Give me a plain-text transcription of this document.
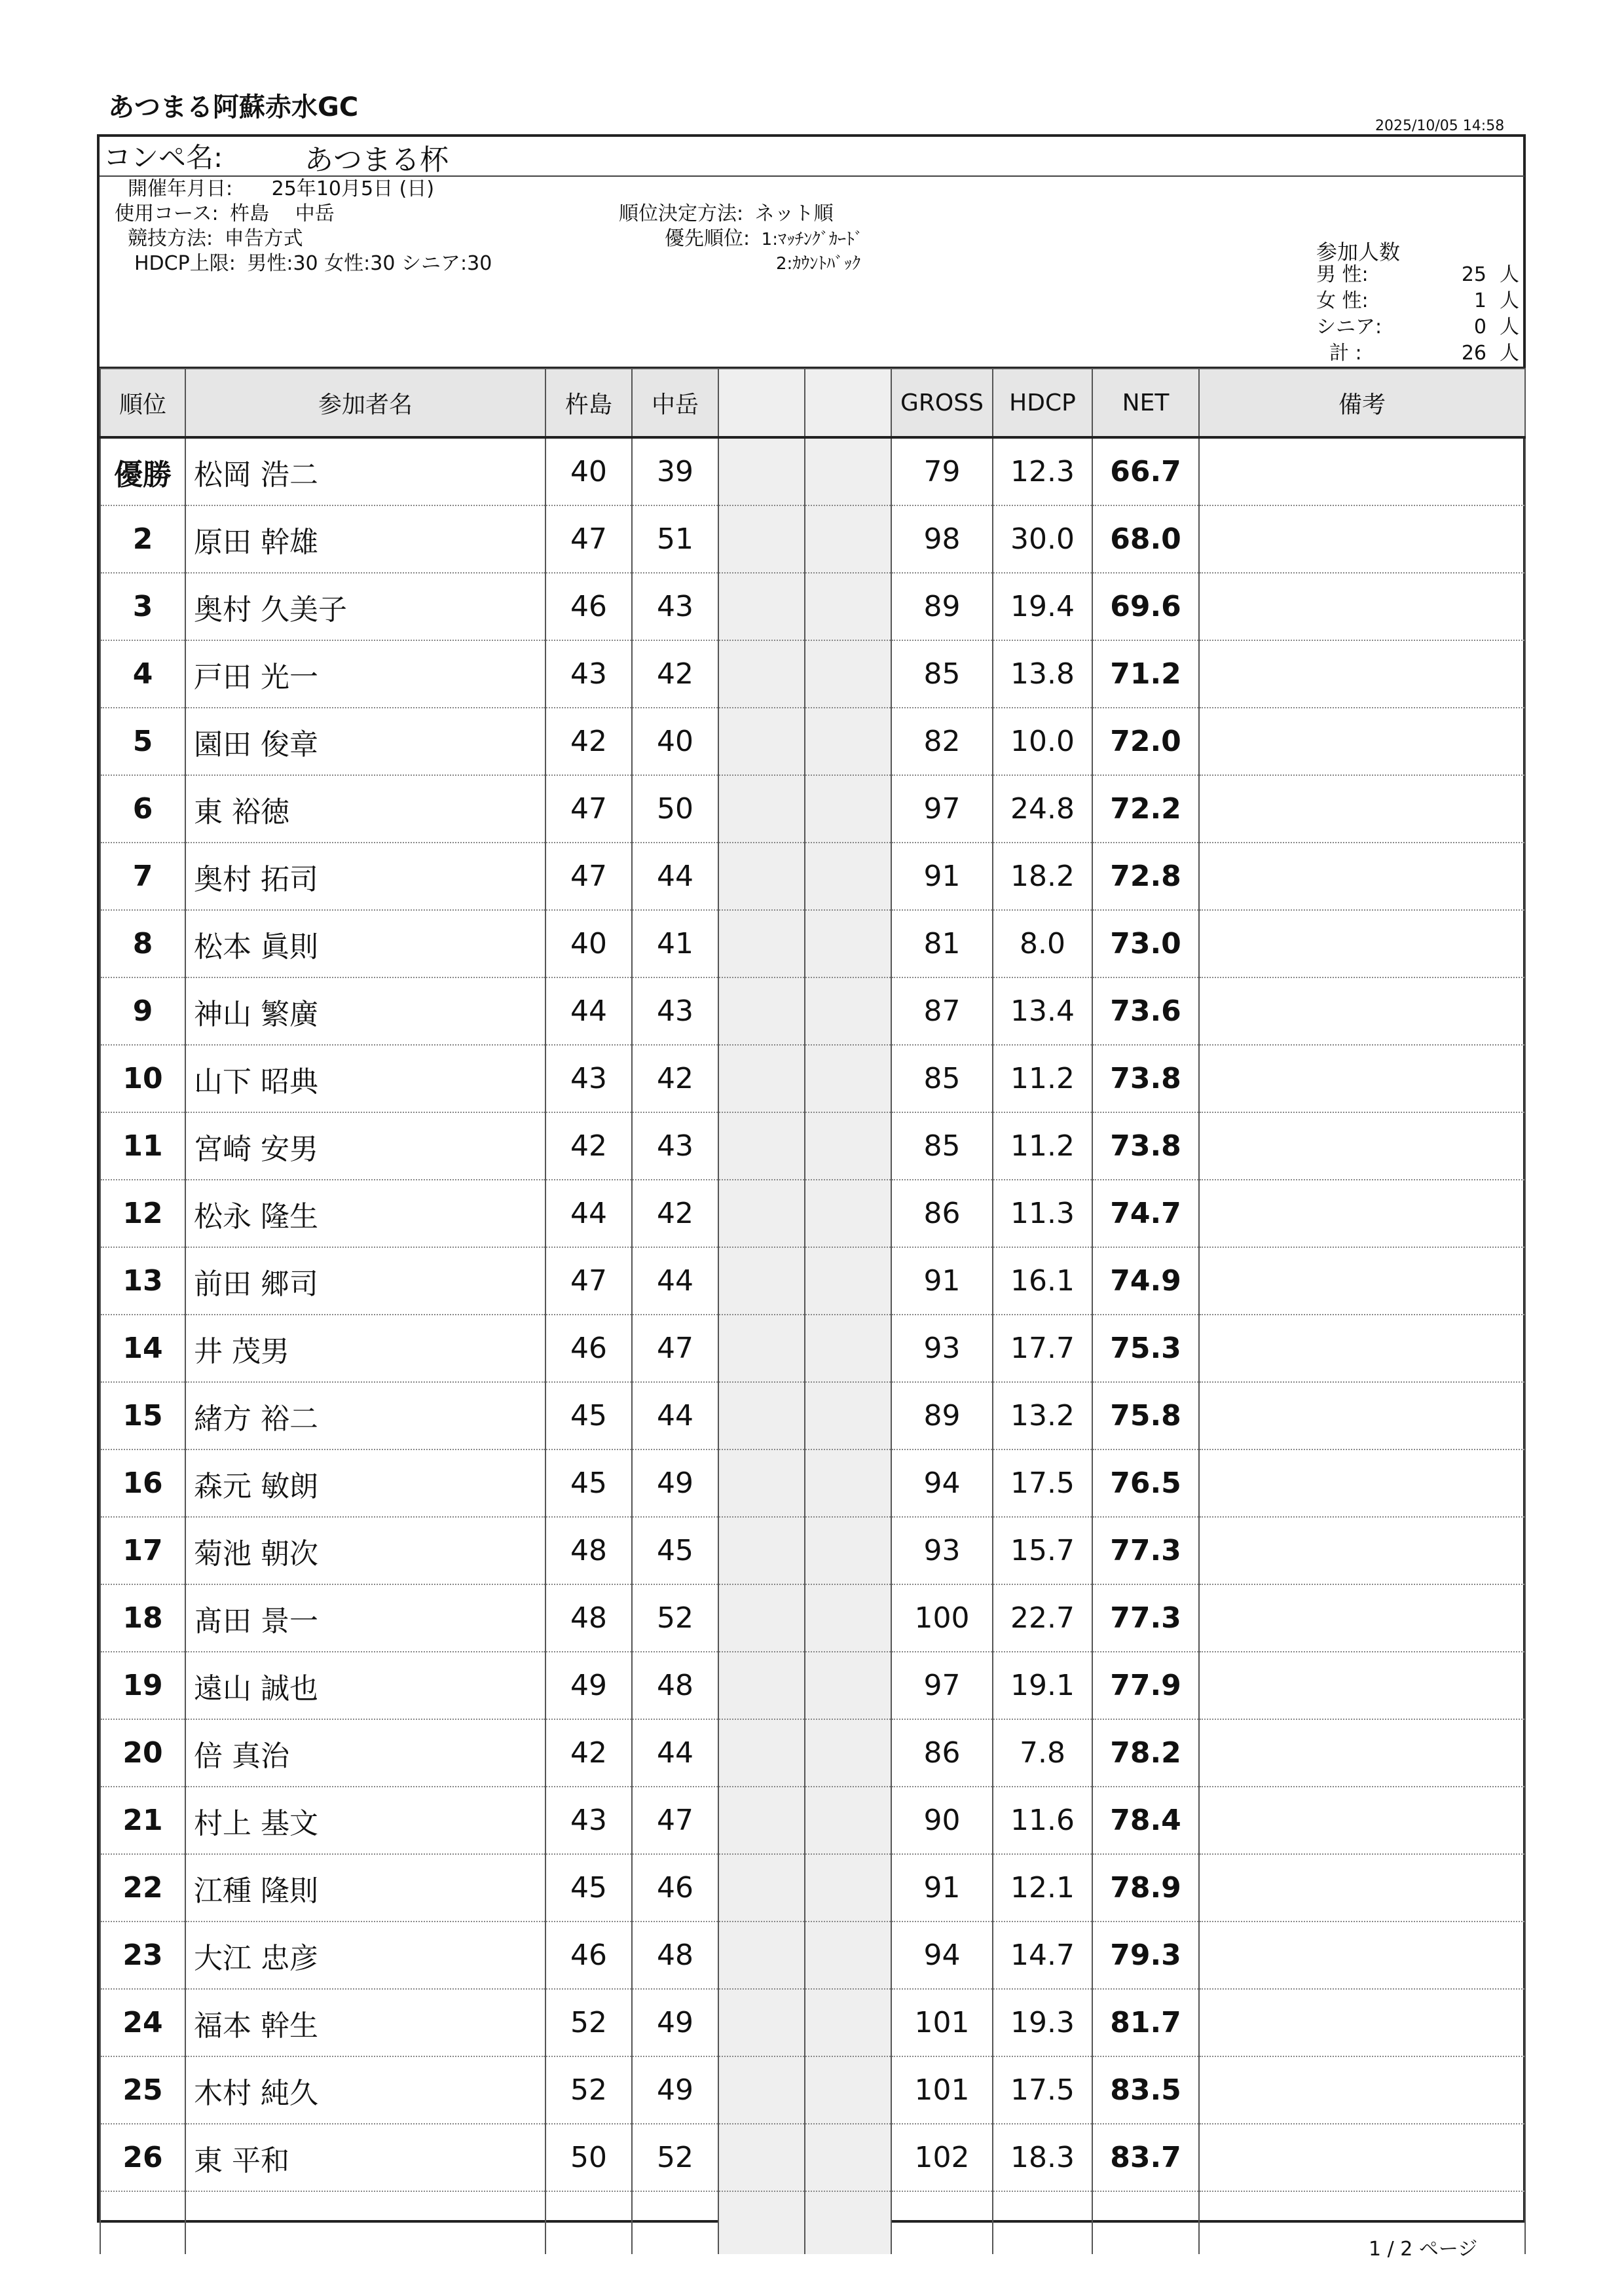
あつまる阿蘇赤水GC
2025/10/05 14:58
コンペ名:	あつまる杯
開催年月日: 25年10月5日 (日)
使用コース: 杵島　 中岳
競技方法: 申告方式
HDCP上限: 男性:30 女性:30 シニア:30
順位決定方法: ネット順
優先順位: 1:ﾏｯﾁﾝｸﾞｶｰﾄﾞ
2:ｶｳﾝﾄﾊﾞｯｸ	参加人数
男 性:	25 人
女 性:	1 人
シニア:	0 人
計 :	26 人
順位	参加者名	杵島	中岳			GROSS	HDCP	NET	備考
優勝	松岡 浩二	40	39			79	12.3	66.7	
2	原田 幹雄	47	51			98	30.0	68.0	
3	奥村 久美子	46	43			89	19.4	69.6	
4	戸田 光一	43	42			85	13.8	71.2	
5	園田 俊章	42	40			82	10.0	72.0	
6	東 裕徳	47	50			97	24.8	72.2	
7	奥村 拓司	47	44			91	18.2	72.8	
8	松本 眞則	40	41			81	8.0	73.0	
9	神山 繁廣	44	43			87	13.4	73.6	
10	山下 昭典	43	42			85	11.2	73.8	
11	宮崎 安男	42	43			85	11.2	73.8	
12	松永 隆生	44	42			86	11.3	74.7	
13	前田 郷司	47	44			91	16.1	74.9	
14	井 茂男	46	47			93	17.7	75.3	
15	緒方 裕二	45	44			89	13.2	75.8	
16	森元 敏朗	45	49			94	17.5	76.5	
17	菊池 朝次	48	45			93	15.7	77.3	
18	髙田 景一	48	52			100	22.7	77.3	
19	遠山 誠也	49	48			97	19.1	77.9	
20	倍 真治	42	44			86	7.8	78.2	
21	村上 基文	43	47			90	11.6	78.4	
22	江種 隆則	45	46			91	12.1	78.9	
23	大江 忠彦	46	48			94	14.7	79.3	
24	福本 幹生	52	49			101	19.3	81.7	
25	木村 純久	52	49			101	17.5	83.5	
26	東 平和	50	52			102	18.3	83.7	

1 / 2 ページ
